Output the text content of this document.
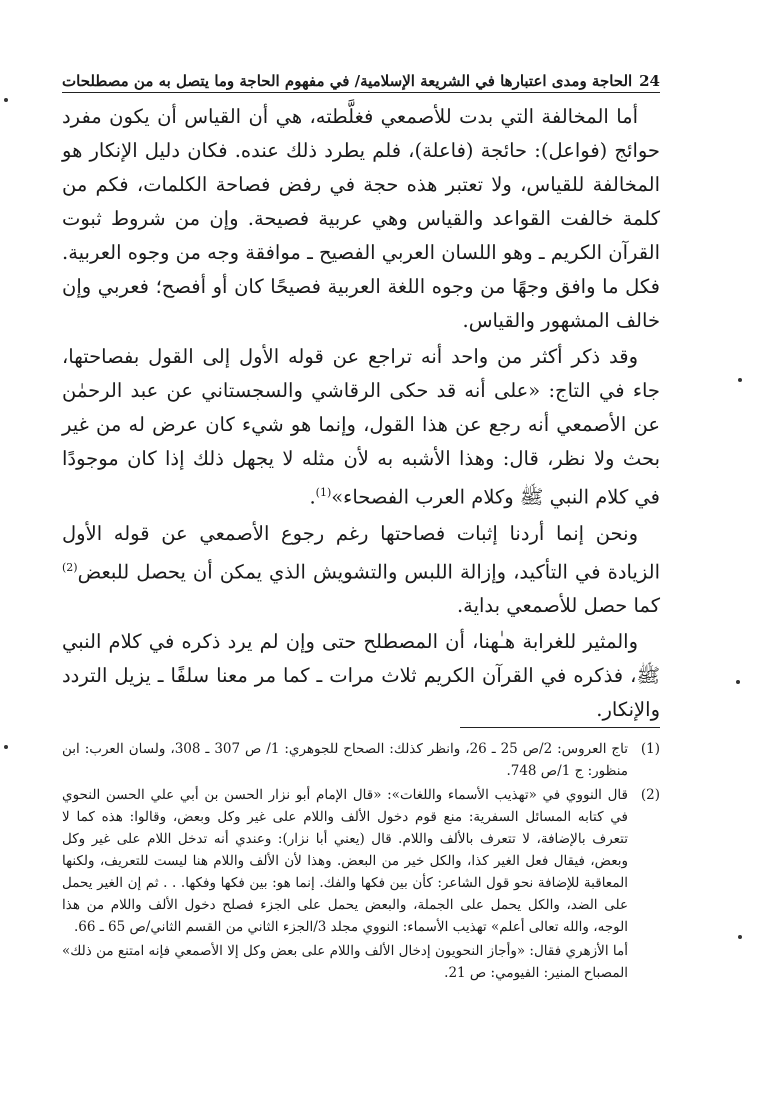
24
الحاجة ومدى اعتبارها في الشريعة الإسلامية/ في مفهوم الحاجة وما يتصل به من مصطلحات

أما المخالفة التي بدت للأصمعي فغلَّطته، هي أن القياس أن يكون مفرد حوائج (فواعل): حائجة (فاعلة)، فلم يطرد ذلك عنده. فكان دليل الإنكار هو المخالفة للقياس، ولا تعتبر هذه حجة في رفض فصاحة الكلمات، فكم من كلمة خالفت القواعد والقياس وهي عربية فصيحة. وإن من شروط ثبوت القرآن الكريم ـ وهو اللسان العربي الفصيح ـ موافقة وجه من وجوه العربية. فكل ما وافق وجهًا من وجوه اللغة العربية فصيحًا كان أو أفصح؛ فعربي وإن خالف المشهور والقياس.

وقد ذكر أكثر من واحد أنه تراجع عن قوله الأول إلى القول بفصاحتها، جاء في التاج: «على أنه قد حكى الرقاشي والسجستاني عن عبد الرحمٰن عن الأصمعي أنه رجع عن هذا القول، وإنما هو شيء كان عرض له من غير بحث ولا نظر، قال: وهذا الأشبه به لأن مثله لا يجهل ذلك إذا كان موجودًا في كلام النبي ﷺ وكلام العرب الفصحاء»$^{(1)}$.

ونحن إنما أردنا إثبات فصاحتها رغم رجوع الأصمعي عن قوله الأول الزيادة في التأكيد، وإزالة اللبس والتشويش الذي يمكن أن يحصل للبعض$^{(2)}$ كما حصل للأصمعي بداية.

والمثير للغرابة هـٰهنا، أن المصطلح حتى وإن لم يرد ذكره في كلام النبي ﷺ، فذكره في القرآن الكريم ثلاث مرات ـ كما مر معنا سلفًا ـ يزيل التردد والإنكار.

(1)
تاج العروس: 2/ص 25 ـ 26، وانظر كذلك: الصحاح للجوهري: 1/ ص 307 ـ 308، ولسان العرب: ابن منظور: ج 1/ص 748.
(2)
قال النووي في «تهذيب الأسماء واللغات»: «قال الإمام أبو نزار الحسن بن أبي علي الحسن النحوي في كتابه المسائل السفرية: منع قوم دخول الألف واللام على غير وكل وبعض، وقالوا: هذه كما لا تتعرف بالإضافة، لا تتعرف بالألف واللام. قال (يعني أبا نزار): وعندي أنه تدخل اللام على غير وكل وبعض، فيقال فعل الغير كذا، والكل خير من البعض. وهذا لأن الألف واللام هنا ليست للتعريف، ولكنها المعاقبة للإضافة نحو قول الشاعر: كأن بين فكها والفك. إنما هو: بين فكها وفكها. . . ثم إن الغير يحمل على الضد، والكل يحمل على الجملة، والبعض يحمل على الجزء فصلح دخول الألف واللام من هذا الوجه، والله تعالى أعلم» تهذيب الأسماء: النووي مجلد 3/الجزء الثاني من القسم الثاني/ص 65 ـ 66.
أما الأزهري فقال: «وأجاز النحويون إدخال الألف واللام على بعض وكل إلا الأصمعي فإنه امتنع من ذلك» المصباح المنير: الفيومي: ص 21.
